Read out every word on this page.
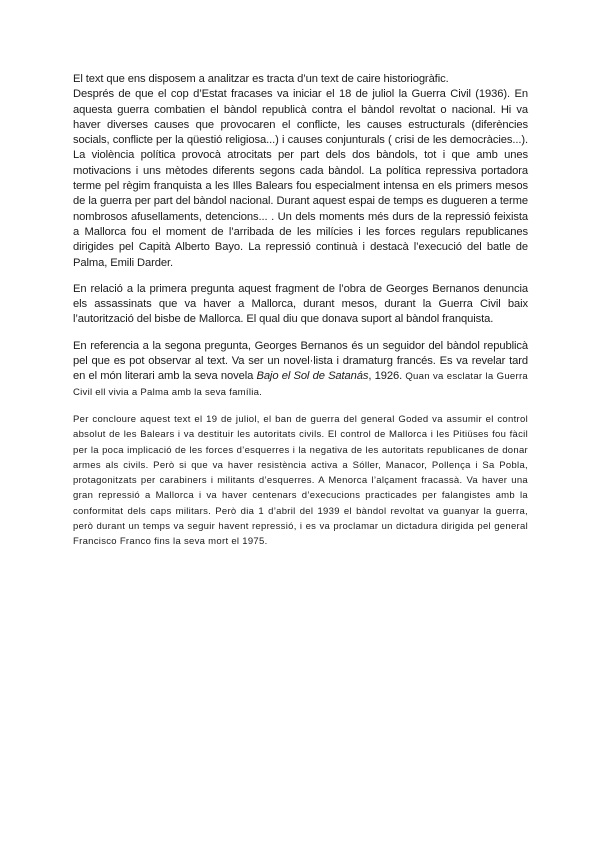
El text que ens disposem a analitzar es tracta d’un text de caire historiogràfic.
Després de que el cop d’Estat fracases va iniciar el 18 de juliol la Guerra Civil (1936). En aquesta guerra combatien el bàndol republicà contra el bàndol revoltat o nacional. Hi va haver diverses causes que provocaren el conflicte, les causes estructurals (diferències socials, conflicte per la qüestió religiosa...) i causes conjunturals ( crisi de les democràcies...). La violència política provocà atrocitats per part dels dos bàndols, tot i que amb unes motivacions i uns mètodes diferents segons cada bàndol. La política repressiva portadora terme pel règim franquista a les Illes Balears fou especialment intensa en els primers mesos de la guerra per part del bàndol nacional. Durant aquest espai de temps es dugueren a terme nombrosos afusellaments, detencions... . Un dels moments més durs de la repressió feixista a Mallorca fou el moment de l’arribada de les milícies i les forces regulars republicanes dirigides pel Capità Alberto Bayo. La repressió continuà i destacà l’execució del batle de Palma, Emili Darder.

En relació a la primera pregunta aquest fragment de l’obra de Georges Bernanos denuncia els assassinats que va haver a Mallorca, durant mesos, durant la Guerra Civil baix l’autorització del bisbe de Mallorca. El qual diu que donava suport al bàndol franquista.

En referencia a la segona pregunta, Georges Bernanos és un seguidor del bàndol republicà pel que es pot observar al text. Va ser un novel·lista i dramaturg francés. Es va revelar tard en el món literari amb la seva novela Bajo el Sol de Satanás, 1926. Quan va esclatar la Guerra Civil ell vivia a Palma amb la seva família.

Per concloure aquest text el 19 de juliol, el ban de guerra del general Goded va assumir el control absolut de les Balears i va destituir les autoritats civils. El control de Mallorca i les Pitiüses fou fàcil per la poca implicació de les forces d’esquerres i la negativa de les autoritats republicanes de donar armes als civils. Però si que va haver resistència activa a Sóller, Manacor, Pollença i Sa Pobla, protagonitzats per carabiners i militants d’esquerres. A Menorca l’alçament fracassà. Va haver una gran repressió a Mallorca i va haver centenars d’execucions practicades per falangistes amb la conformitat dels caps militars. Però dia 1 d’abril del 1939 el bàndol revoltat va guanyar la guerra, però durant un temps va seguir havent repressió, i es va proclamar un dictadura dirigida pel general Francisco Franco fins la seva mort el 1975.
